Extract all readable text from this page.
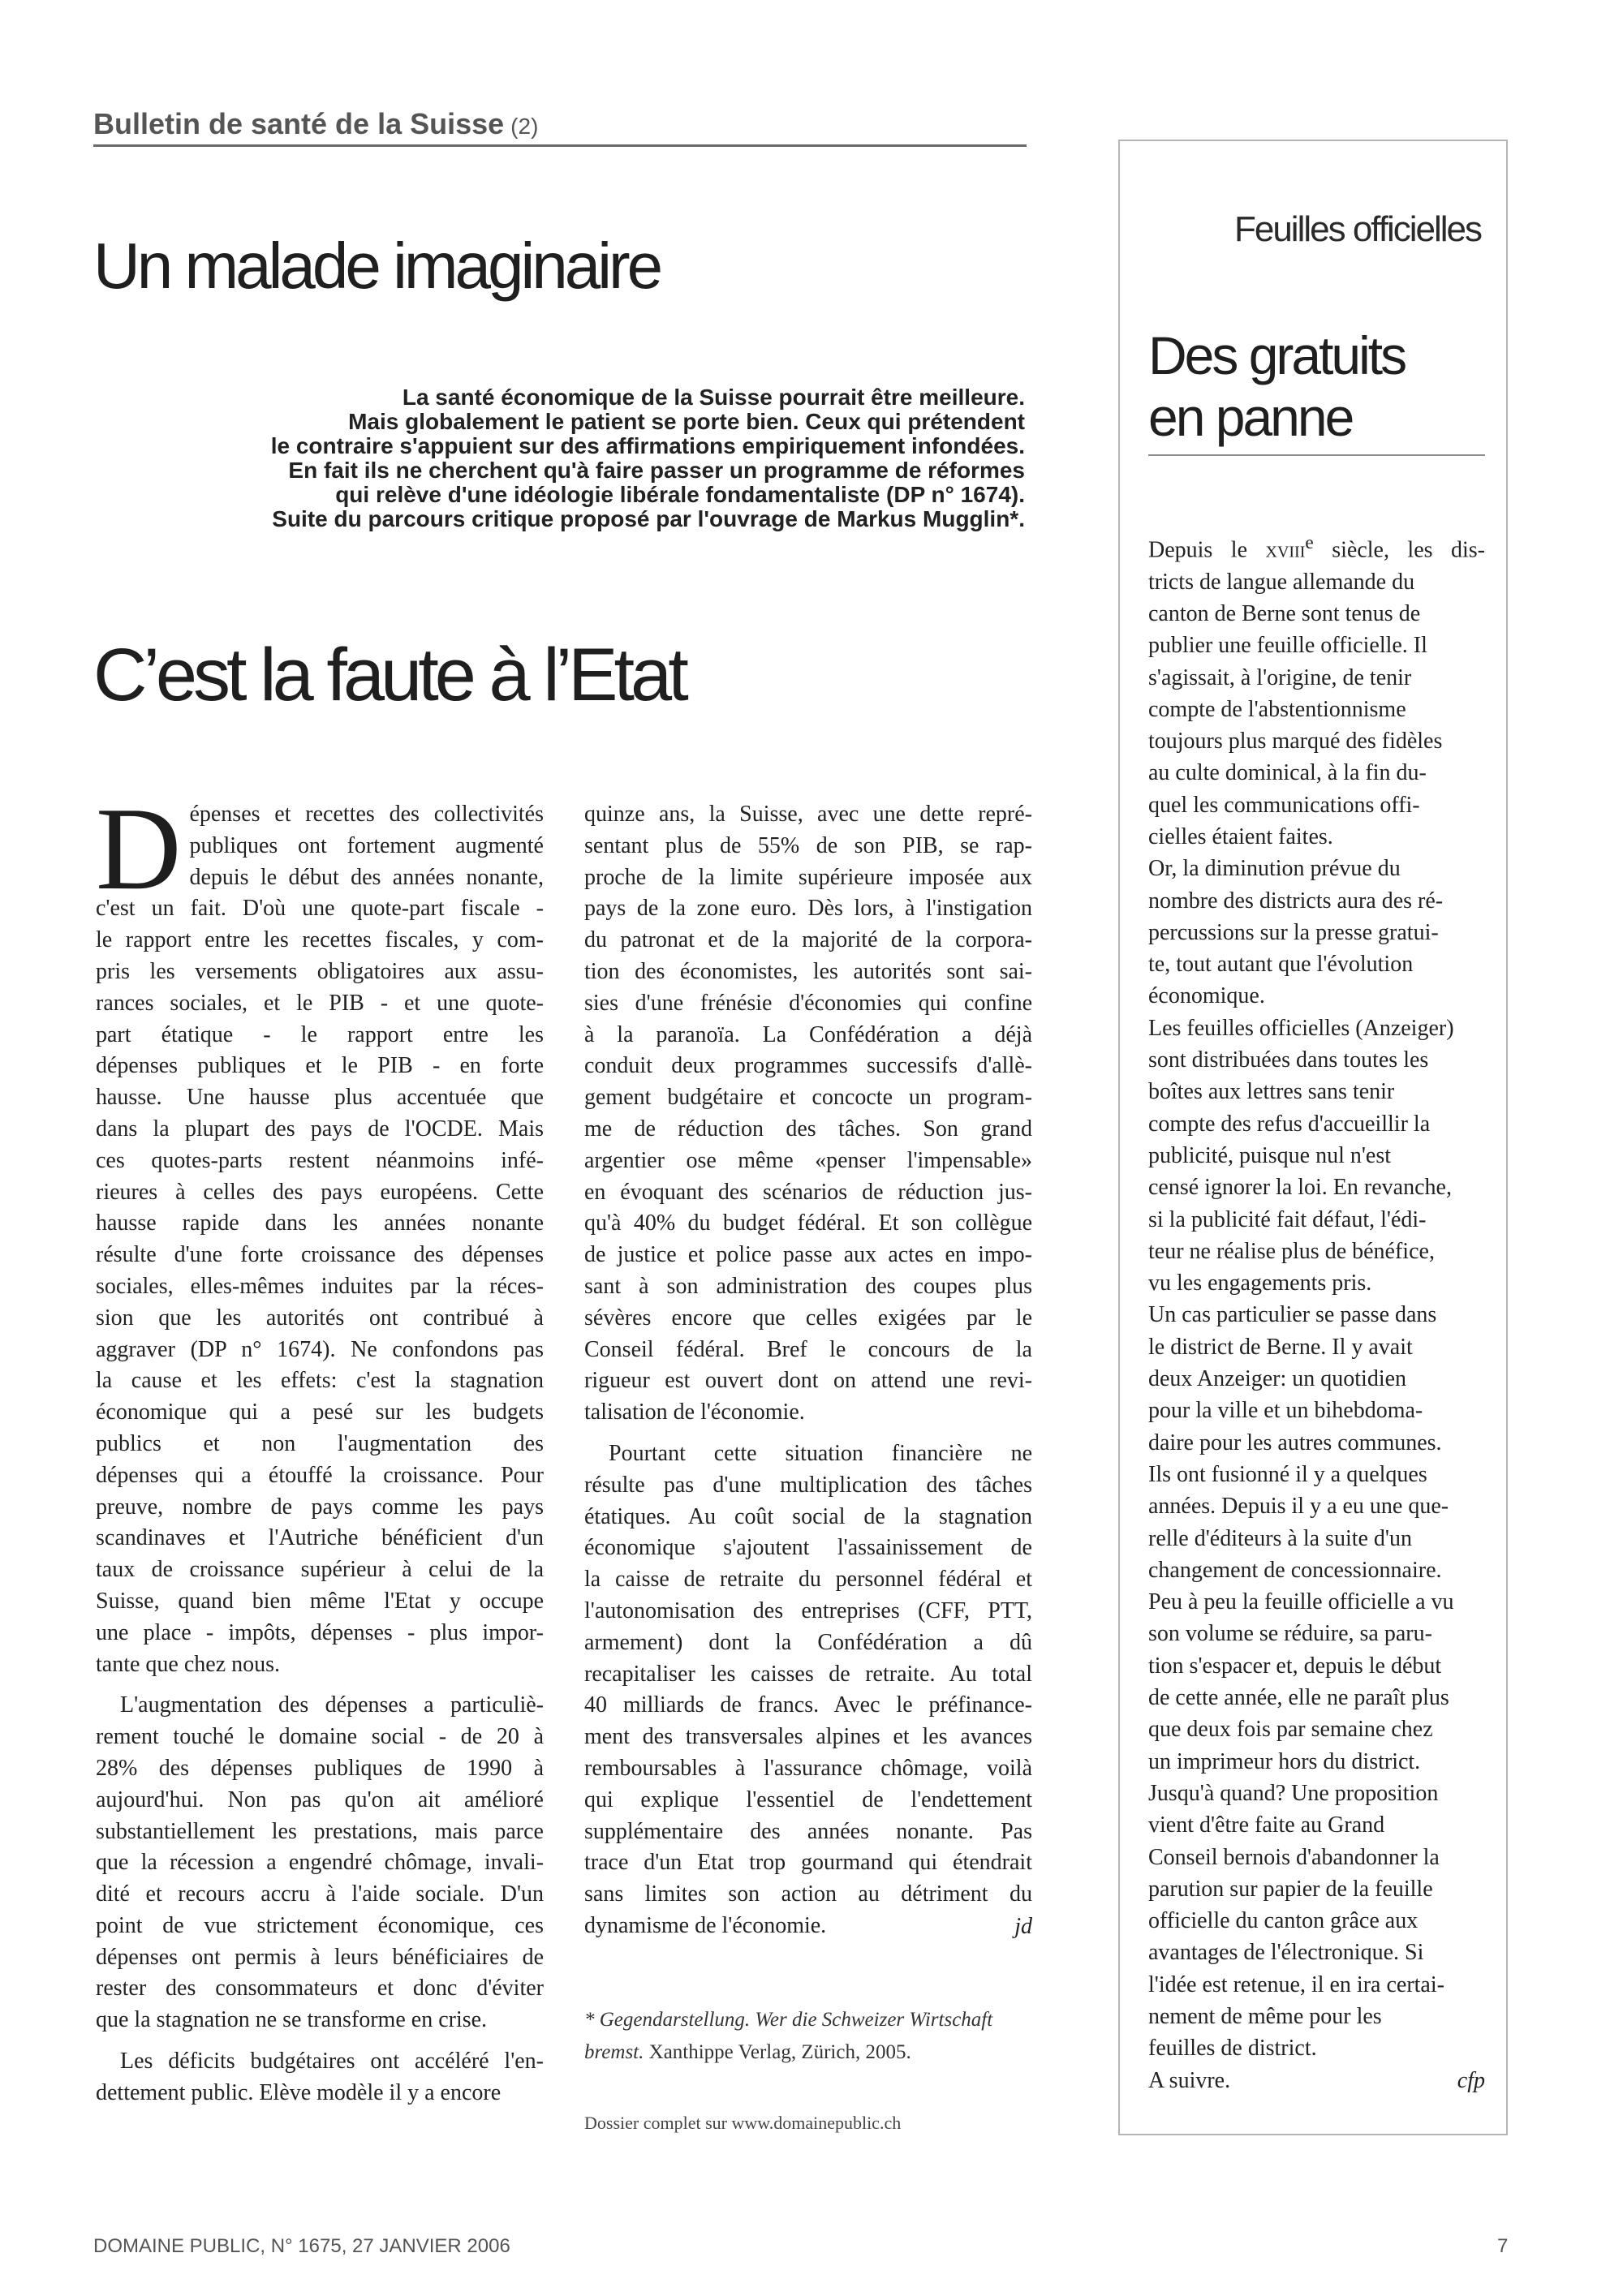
Bulletin de santé de la Suisse (2)
Un malade imaginaire
La santé économique de la Suisse pourrait être meilleure.
Mais globalement le patient se porte bien. Ceux qui prétendent
le contraire s'appuient sur des affirmations empiriquement infondées.
En fait ils ne cherchent qu'à faire passer un programme de réformes
qui relève d'une idéologie libérale fondamentaliste (DP n° 1674).
Suite du parcours critique proposé par l'ouvrage de Markus Mugglin*.
C’est la faute à l’Etat
D épenses et recettes des collectivités
publiques ont fortement augmenté
depuis le début des années nonante,
c'est un fait. D'où une quote-part fiscale -
le rapport entre les recettes fiscales, y com-
pris les versements obligatoires aux assu-
rances sociales, et le PIB - et une quote-
part étatique - le rapport entre les
dépenses publiques et le PIB - en forte
hausse. Une hausse plus accentuée que
dans la plupart des pays de l'OCDE. Mais
ces quotes-parts restent néanmoins infé-
rieures à celles des pays européens. Cette
hausse rapide dans les années nonante
résulte d'une forte croissance des dépenses
sociales, elles-mêmes induites par la réces-
sion que les autorités ont contribué à
aggraver (DP n° 1674). Ne confondons pas
la cause et les effets: c'est la stagnation
économique qui a pesé sur les budgets
publics et non l'augmentation des
dépenses qui a étouffé la croissance. Pour
preuve, nombre de pays comme les pays
scandinaves et l'Autriche bénéficient d'un
taux de croissance supérieur à celui de la
Suisse, quand bien même l'Etat y occupe
une place - impôts, dépenses - plus impor-
tante que chez nous.
L'augmentation des dépenses a particuliè-
rement touché le domaine social - de 20 à
28% des dépenses publiques de 1990 à
aujourd'hui. Non pas qu'on ait amélioré
substantiellement les prestations, mais parce
que la récession a engendré chômage, invali-
dité et recours accru à l'aide sociale. D'un
point de vue strictement économique, ces
dépenses ont permis à leurs bénéficiaires de
rester des consommateurs et donc d'éviter
que la stagnation ne se transforme en crise.
Les déficits budgétaires ont accéléré l'en-
dettement public. Elève modèle il y a encore
quinze ans, la Suisse, avec une dette repré-
sentant plus de 55% de son PIB, se rap-
proche de la limite supérieure imposée aux
pays de la zone euro. Dès lors, à l'instigation
du patronat et de la majorité de la corpora-
tion des économistes, les autorités sont sai-
sies d'une frénésie d'économies qui confine
à la paranoïa. La Confédération a déjà
conduit deux programmes successifs d'allè-
gement budgétaire et concocte un program-
me de réduction des tâches. Son grand
argentier ose même «penser l'impensable»
en évoquant des scénarios de réduction jus-
qu'à 40% du budget fédéral. Et son collègue
de justice et police passe aux actes en impo-
sant à son administration des coupes plus
sévères encore que celles exigées par le
Conseil fédéral. Bref le concours de la
rigueur est ouvert dont on attend une revi-
talisation de l'économie.
Pourtant cette situation financière ne
résulte pas d'une multiplication des tâches
étatiques. Au coût social de la stagnation
économique s'ajoutent l'assainissement de
la caisse de retraite du personnel fédéral et
l'autonomisation des entreprises (CFF, PTT,
armement) dont la Confédération a dû
recapitaliser les caisses de retraite. Au total
40 milliards de francs. Avec le préfinance-
ment des transversales alpines et les avances
remboursables à l'assurance chômage, voilà
qui explique l'essentiel de l'endettement
supplémentaire des années nonante. Pas
trace d'un Etat trop gourmand qui étendrait
sans limites son action au détriment du
dynamisme de l'économie.	jd
* Gegendarstellung. Wer die Schweizer Wirtschaft
bremst. Xanthippe Verlag, Zürich, 2005.
Dossier complet sur www.domainepublic.ch
Feuilles officielles
Des gratuits
en panne
Depuis le xviii$^e$ siècle, les dis-
tricts de langue allemande du
canton de Berne sont tenus de
publier une feuille officielle. Il
s'agissait, à l'origine, de tenir
compte de l'abstentionnisme
toujours plus marqué des fidèles
au culte dominical, à la fin du-
quel les communications offi-
cielles étaient faites.
Or, la diminution prévue du
nombre des districts aura des ré-
percussions sur la presse gratui-
te, tout autant que l'évolution
économique.
Les feuilles officielles (Anzeiger)
sont distribuées dans toutes les
boîtes aux lettres sans tenir
compte des refus d'accueillir la
publicité, puisque nul n'est
censé ignorer la loi. En revanche,
si la publicité fait défaut, l'édi-
teur ne réalise plus de bénéfice,
vu les engagements pris.
Un cas particulier se passe dans
le district de Berne. Il y avait
deux Anzeiger: un quotidien
pour la ville et un bihebdoma-
daire pour les autres communes.
Ils ont fusionné il y a quelques
années. Depuis il y a eu une que-
relle d'éditeurs à la suite d'un
changement de concessionnaire.
Peu à peu la feuille officielle a vu
son volume se réduire, sa paru-
tion s'espacer et, depuis le début
de cette année, elle ne paraît plus
que deux fois par semaine chez
un imprimeur hors du district.
Jusqu'à quand? Une proposition
vient d'être faite au Grand
Conseil bernois d'abandonner la
parution sur papier de la feuille
officielle du canton grâce aux
avantages de l'électronique. Si
l'idée est retenue, il en ira certai-
nement de même pour les
feuilles de district.
A suivre.	cfp
DOMAINE PUBLIC, N° 1675, 27 JANVIER 2006	7
